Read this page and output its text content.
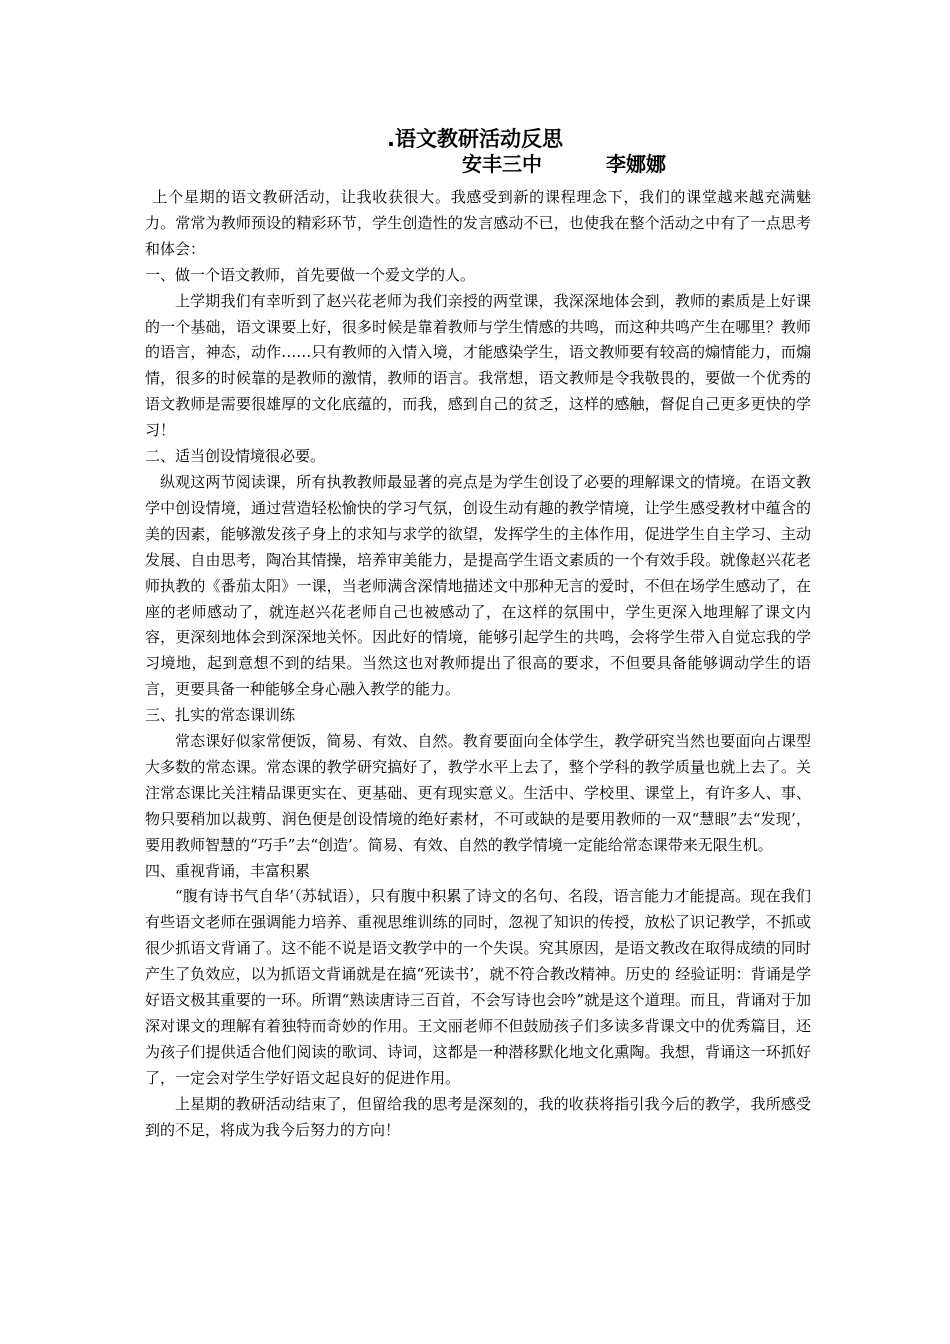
.语文教研活动反思
安丰三中	李娜娜

上个星期的语文教研活动，让我收获很大。我感受到新的课程理念下，我们的课堂越来越充满魅力。常常为教师预设的精彩环节，学生创造性的发言感动不已，也使我在整个活动之中有了一点思考和体会：

一、做一个语文教师，首先要做一个爱文学的人。

上学期我们有幸听到了赵兴花老师为我们亲授的两堂课，我深深地体会到，教师的素质是上好课的一个基础，语文课要上好，很多时候是靠着教师与学生情感的共鸣，而这种共鸣产生在哪里？教师的语言，神态，动作……只有教师的入情入境，才能感染学生，语文教师要有较高的煽情能力，而煽情，很多的时候靠的是教师的激情，教师的语言。我常想，语文教师是令我敬畏的，要做一个优秀的语文教师是需要很雄厚的文化底蕴的，而我，感到自己的贫乏，这样的感触，督促自己更多更快的学习！

二、适当创设情境很必要。

纵观这两节阅读课，所有执教教师最显著的亮点是为学生创设了必要的理解课文的情境。在语文教学中创设情境，通过营造轻松愉快的学习气氛，创设生动有趣的教学情境，让学生感受教材中蕴含的美的因素，能够激发孩子身上的求知与求学的欲望，发挥学生的主体作用，促进学生自主学习、主动发展、自由思考，陶冶其情操，培养审美能力，是提高学生语文素质的一个有效手段。就像赵兴花老师执教的《番茄太阳》一课，当老师满含深情地描述文中那种无言的爱时，不但在场学生感动了，在座的老师感动了，就连赵兴花老师自己也被感动了，在这样的氛围中，学生更深入地理解了课文内容，更深刻地体会到深深地关怀。因此好的情境，能够引起学生的共鸣，会将学生带入自觉忘我的学习境地，起到意想不到的结果。当然这也对教师提出了很高的要求，不但要具备能够调动学生的语言，更要具备一种能够全身心融入教学的能力。

三、扎实的常态课训练

常态课好似家常便饭，简易、有效、自然。教育要面向全体学生，教学研究当然也要面向占课型大多数的常态课。常态课的教学研究搞好了，教学水平上去了，整个学科的教学质量也就上去了。关注常态课比关注精品课更实在、更基础、更有现实意义。生活中、学校里、课堂上，有许多人、事、物只要稍加以裁剪、润色便是创设情境的绝好素材，不可或缺的是要用教师的一双“慧眼”去“发现’，要用教师智慧的“巧手”去“创造’。简易、有效、自然的教学情境一定能给常态课带来无限生机。

四、重视背诵，丰富积累

“腹有诗书气自华’（苏轼语），只有腹中积累了诗文的名句、名段，语言能力才能提高。现在我们有些语文老师在强调能力培养、重视思维训练的同时，忽视了知识的传授，放松了识记教学，不抓或很少抓语文背诵了。这不能不说是语文教学中的一个失误。究其原因，是语文教改在取得成绩的同时产生了负效应，以为抓语文背诵就是在搞“死读书’，就不符合教改精神。历史的 经验证明：背诵是学好语文极其重要的一环。所谓“熟读唐诗三百首，不会写诗也会吟”就是这个道理。而且，背诵对于加深对课文的理解有着独特而奇妙的作用。王文丽老师不但鼓励孩子们多读多背课文中的优秀篇目，还为孩子们提供适合他们阅读的歌词、诗词，这都是一种潜移默化地文化熏陶。我想，背诵这一环抓好了，一定会对学生学好语文起良好的促进作用。

上星期的教研活动结束了，但留给我的思考是深刻的，我的收获将指引我今后的教学，我所感受到的不足，将成为我今后努力的方向！
